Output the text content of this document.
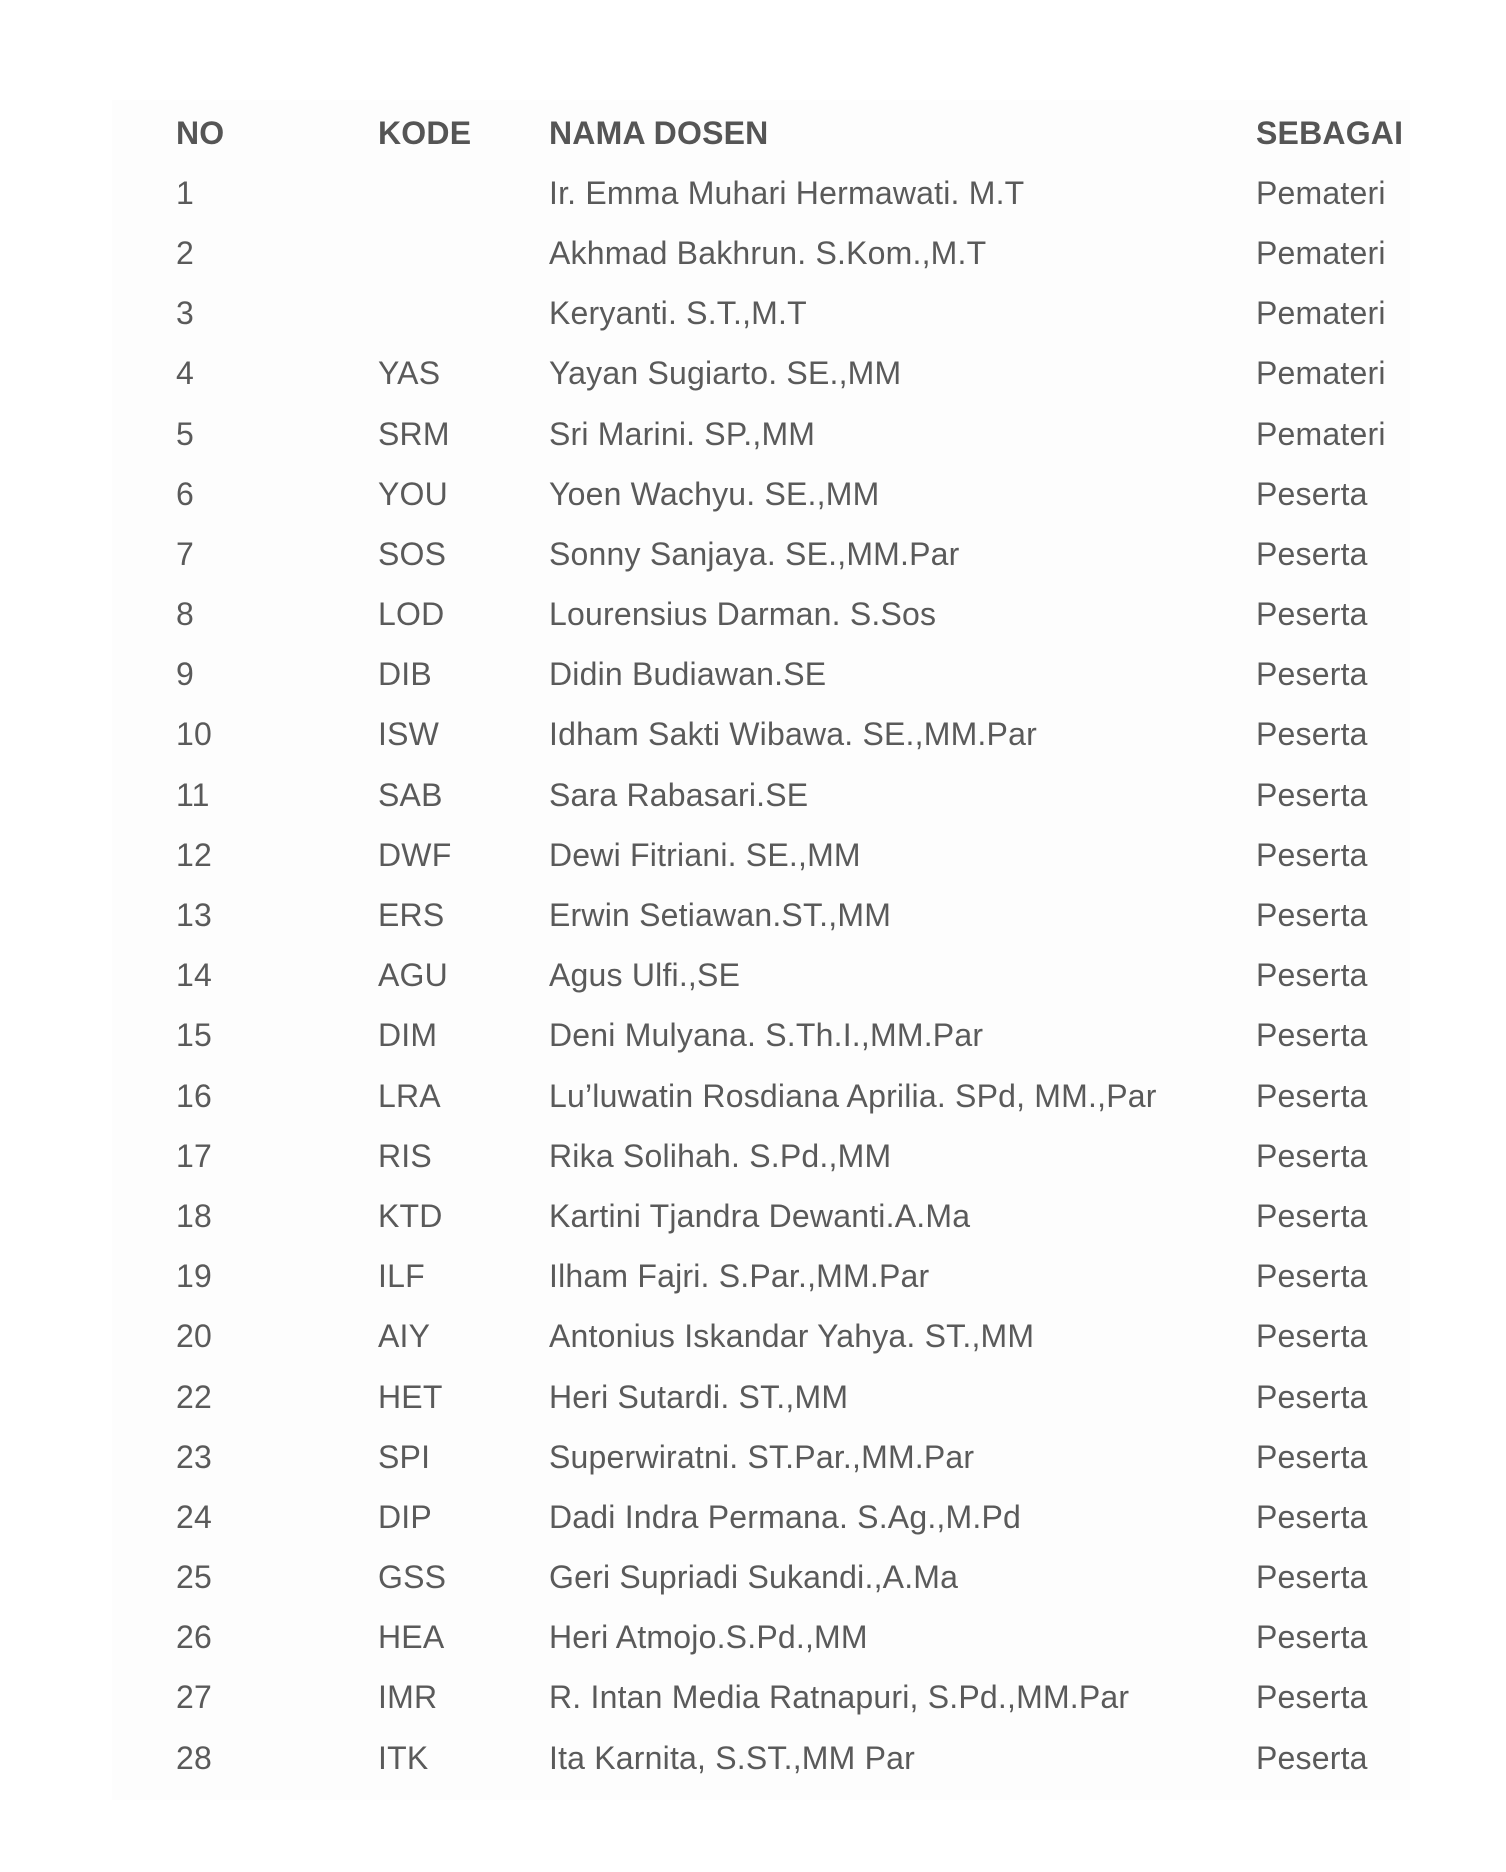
NO	KODE	NAMA DOSEN	SEBAGAI
1		Ir. Emma Muhari Hermawati. M.T	Pemateri
2		Akhmad Bakhrun. S.Kom.,M.T	Pemateri
3		Keryanti. S.T.,M.T	Pemateri
4	YAS	Yayan Sugiarto. SE.,MM	Pemateri
5	SRM	Sri Marini. SP.,MM	Pemateri
6	YOU	Yoen Wachyu. SE.,MM	Peserta
7	SOS	Sonny Sanjaya. SE.,MM.Par	Peserta
8	LOD	Lourensius Darman. S.Sos	Peserta
9	DIB	Didin Budiawan.SE	Peserta
10	ISW	Idham Sakti Wibawa. SE.,MM.Par	Peserta
11	SAB	Sara Rabasari.SE	Peserta
12	DWF	Dewi Fitriani. SE.,MM	Peserta
13	ERS	Erwin Setiawan.ST.,MM	Peserta
14	AGU	Agus Ulfi.,SE	Peserta
15	DIM	Deni Mulyana. S.Th.I.,MM.Par	Peserta
16	LRA	Lu’luwatin Rosdiana Aprilia. SPd, MM.,Par	Peserta
17	RIS	Rika Solihah. S.Pd.,MM	Peserta
18	KTD	Kartini Tjandra Dewanti.A.Ma	Peserta
19	ILF	Ilham Fajri. S.Par.,MM.Par	Peserta
20	AIY	Antonius Iskandar Yahya. ST.,MM	Peserta
22	HET	Heri Sutardi. ST.,MM	Peserta
23	SPI	Superwiratni. ST.Par.,MM.Par	Peserta
24	DIP	Dadi Indra Permana. S.Ag.,M.Pd	Peserta
25	GSS	Geri Supriadi Sukandi.,A.Ma	Peserta
26	HEA	Heri Atmojo.S.Pd.,MM	Peserta
27	IMR	R. Intan Media Ratnapuri, S.Pd.,MM.Par	Peserta
28	ITK	Ita Karnita, S.ST.,MM Par	Peserta
